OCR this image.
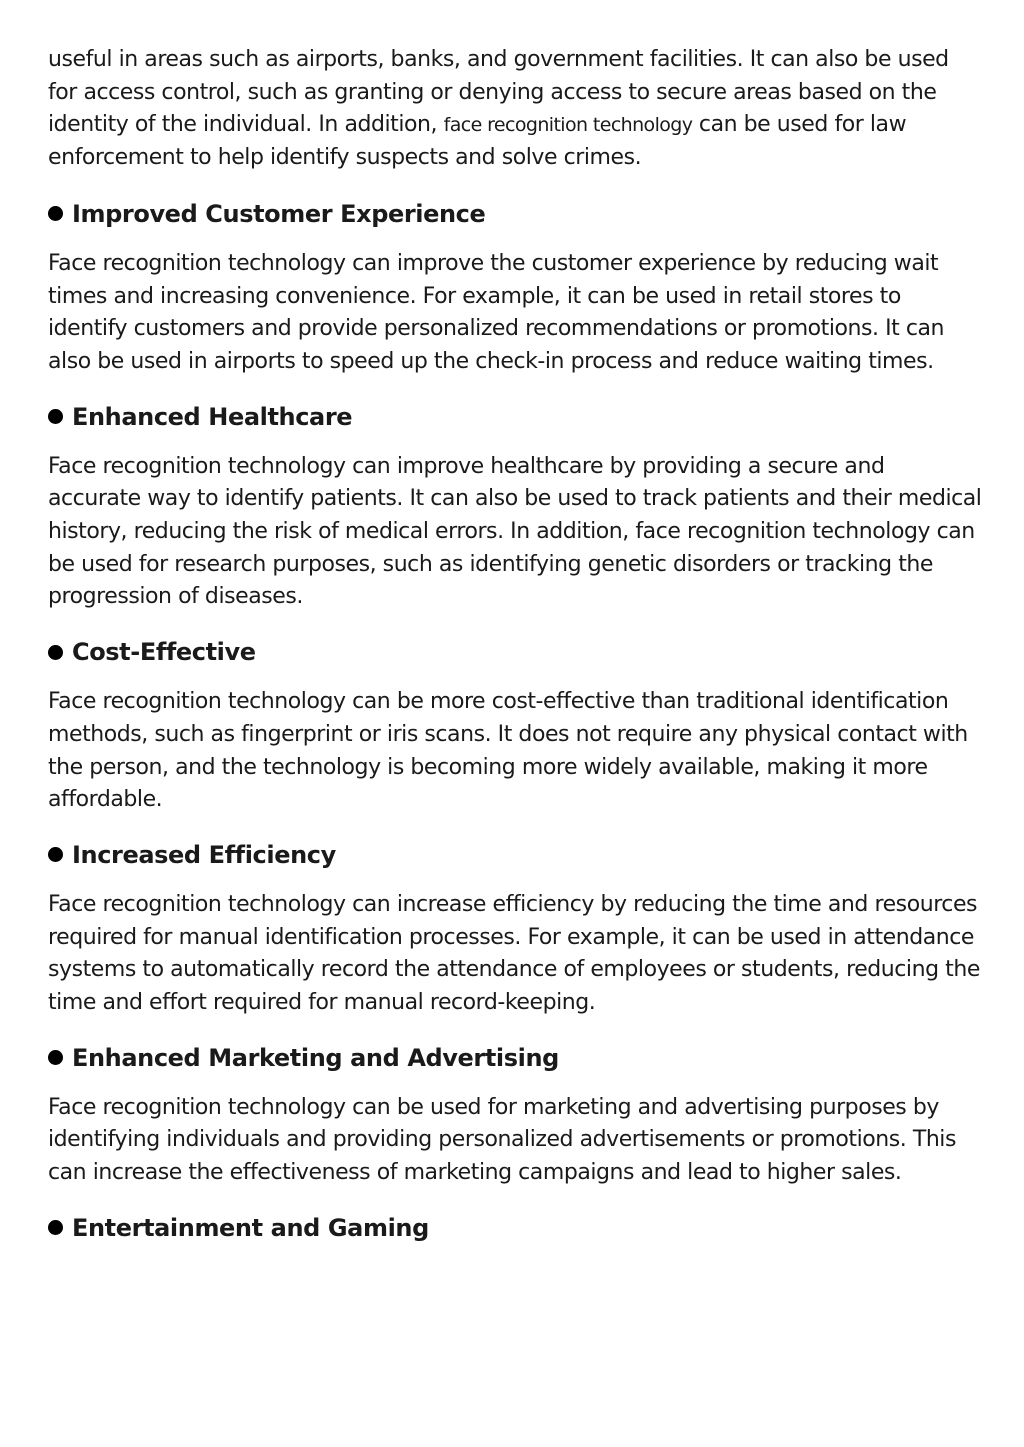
useful in areas such as airports, banks, and government facilities. It can also be used for access control, such as granting or denying access to secure areas based on the identity of the individual. In addition, face recognition technology can be used for law enforcement to help identify suspects and solve crimes.

Improved Customer Experience

Face recognition technology can improve the customer experience by reducing wait times and increasing convenience. For example, it can be used in retail stores to identify customers and provide personalized recommendations or promotions. It can also be used in airports to speed up the check-in process and reduce waiting times.

Enhanced Healthcare

Face recognition technology can improve healthcare by providing a secure and accurate way to identify patients. It can also be used to track patients and their medical history, reducing the risk of medical errors. In addition, face recognition technology can be used for research purposes, such as identifying genetic disorders or tracking the progression of diseases.

Cost-Effective

Face recognition technology can be more cost-effective than traditional identification methods, such as fingerprint or iris scans. It does not require any physical contact with the person, and the technology is becoming more widely available, making it more affordable.

Increased Efficiency

Face recognition technology can increase efficiency by reducing the time and resources required for manual identification processes. For example, it can be used in attendance systems to automatically record the attendance of employees or students, reducing the time and effort required for manual record-keeping.

Enhanced Marketing and Advertising

Face recognition technology can be used for marketing and advertising purposes by identifying individuals and providing personalized advertisements or promotions. This can increase the effectiveness of marketing campaigns and lead to higher sales.

Entertainment and Gaming
